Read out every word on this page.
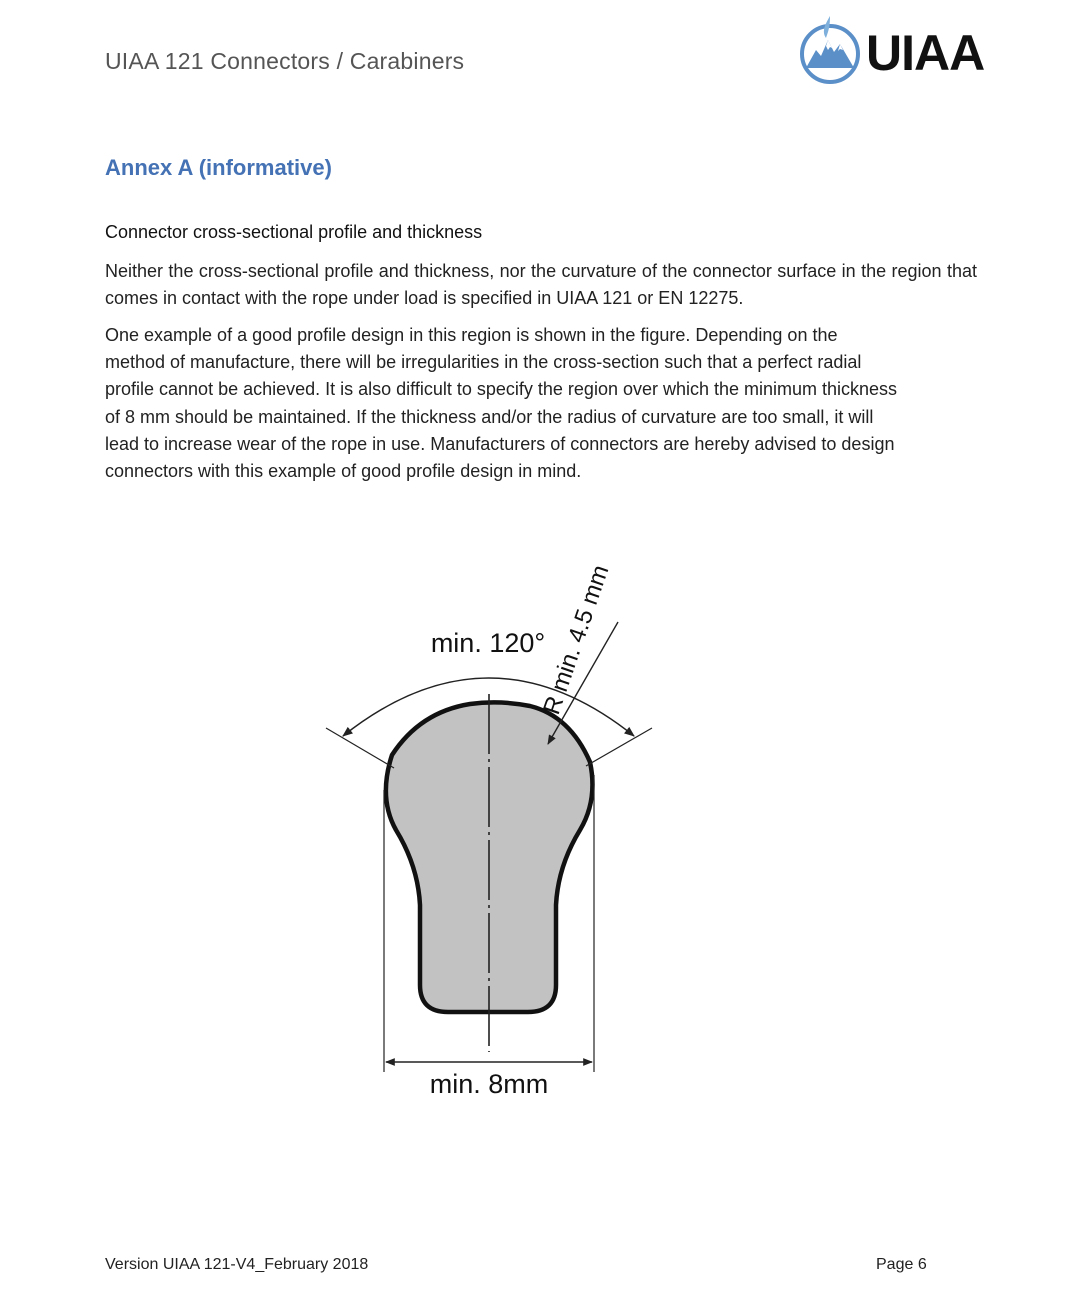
UIAA 121 Connectors / Carabiners	UIAA
Annex A (informative)
Connector cross-sectional profile and thickness

Neither the cross-sectional profile and thickness, nor the curvature of the connector surface in the region that comes in contact with the rope under load is specified in UIAA 121 or EN 12275.

One example of a good profile design in this region is shown in the figure. Depending on the
method of manufacture, there will be irregularities in the cross-section such that a perfect radial
profile cannot be achieved. It is also difficult to specify the region over which the minimum thickness
of 8 mm should be maintained. If the thickness and/or the radius of curvature are too small, it will
lead to increase wear of the rope in use. Manufacturers of connectors are hereby advised to design
connectors with this example of good profile design in mind.
min. 120°
R min. 4.5 mm
min. 8mm
Version UIAA 121-V4_February 2018	Page 6
